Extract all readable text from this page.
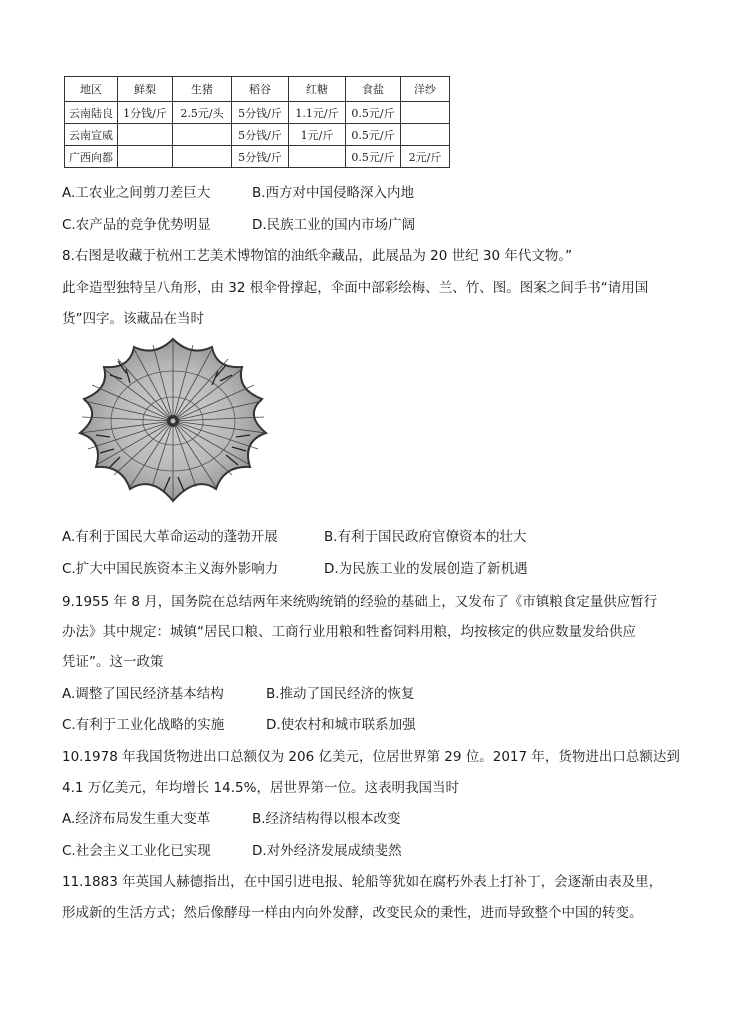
地区	鲜梨	生猪	稻谷	红糖	食盐	洋纱
云南陆良	1分钱/斤	2.5元/头	5分钱/斤	1.1元/斤	0.5元/斤	
云南宣威			5分钱/斤	1元/斤	0.5元/斤	
广西向都			5分钱/斤		0.5元/斤	2元/斤
A.工农业之间剪刀差巨大	B.西方对中国侵略深入内地
C.农产品的竞争优势明显	D.民族工业的国内市场广阔
8.右图是收藏于杭州工艺美术博物馆的油纸伞藏品，此展品为 20 世纪 30 年代文物。”
此伞造型独特呈八角形，由 32 根伞骨撑起，伞面中部彩绘梅、兰、竹、图。图案之间手书“请用国
货”四字。该藏品在当时
A.有利于国民大革命运动的蓬勃开展	B.有利于国民政府官僚资本的壮大
C.扩大中国民族资本主义海外影响力	D.为民族工业的发展创造了新机遇
9.1955 年 8 月，国务院在总结两年来统购统销的经验的基础上，又发布了《市镇粮食定量供应暂行
办法》其中规定：城镇“居民口粮、工商行业用粮和牲畜饲料用粮，均按核定的供应数量发给供应
凭证”。这一政策
A.调整了国民经济基本结构	B.推动了国民经济的恢复
C.有利于工业化战略的实施	D.使农村和城市联系加强
10.1978 年我国货物进出口总额仅为 206 亿美元，位居世界第 29 位。2017 年，货物进出口总额达到
4.1 万亿美元，年均增长 14.5%，居世界第一位。这表明我国当时
A.经济布局发生重大变革	B.经济结构得以根本改变
C.社会主义工业化已实现	D.对外经济发展成绩斐然
11.1883 年英国人赫德指出，在中国引进电报、轮船等犹如在腐朽外表上打补丁，会逐渐由表及里，
形成新的生活方式；然后像酵母一样由内向外发酵，改变民众的秉性，进而导致整个中国的转变。
